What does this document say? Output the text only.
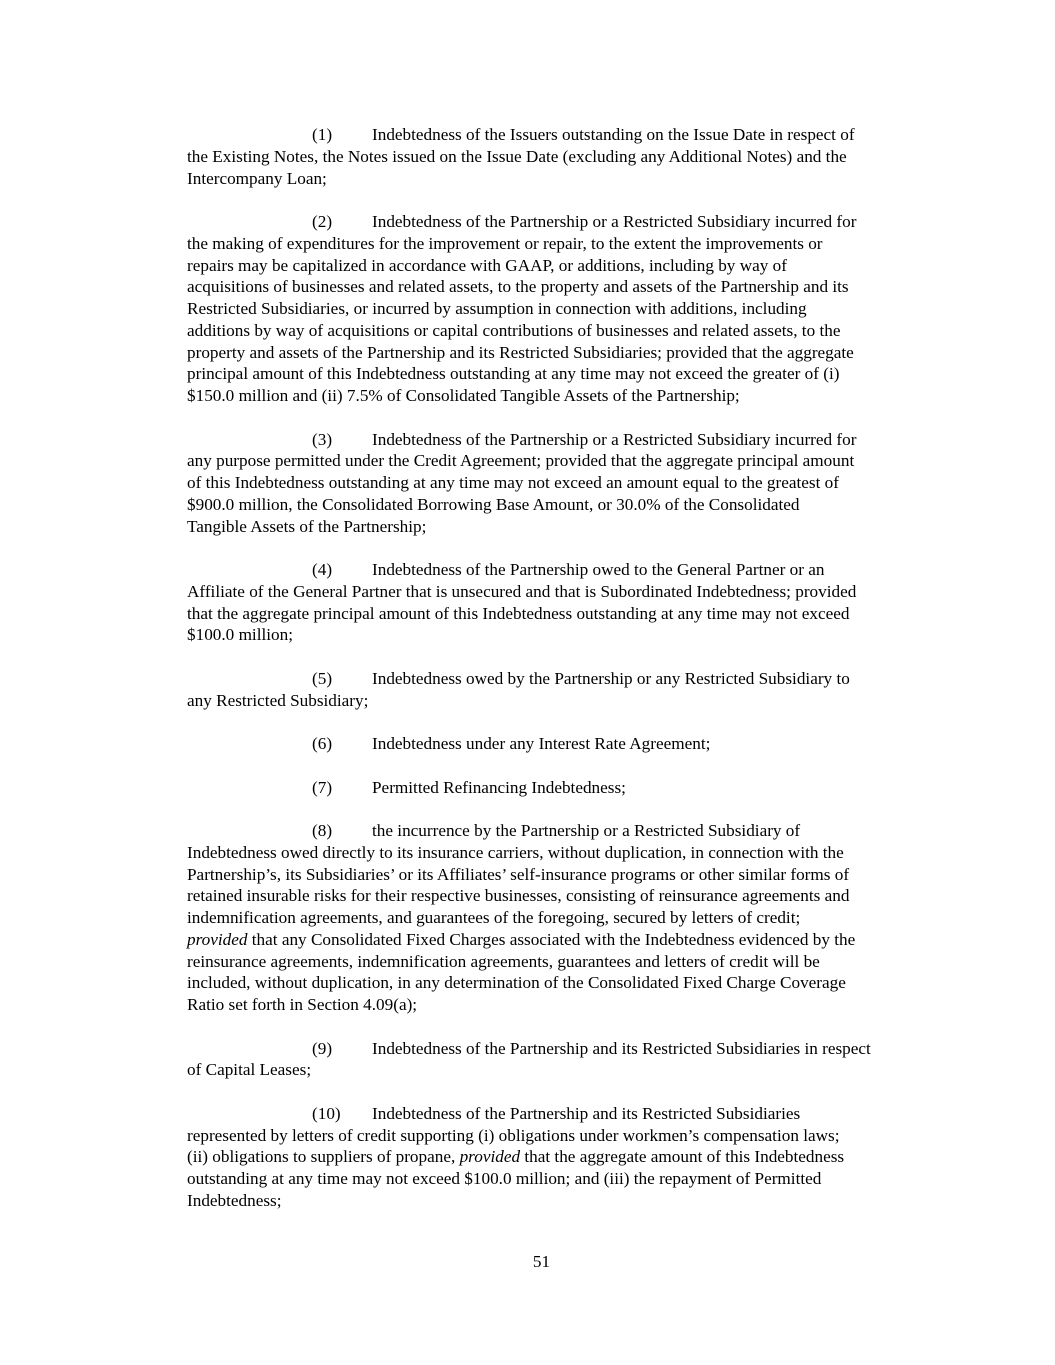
(1) Indebtedness of the Issuers outstanding on the Issue Date in respect of
the Existing Notes, the Notes issued on the Issue Date (excluding any Additional Notes) and the
Intercompany Loan;
(2) Indebtedness of the Partnership or a Restricted Subsidiary incurred for
the making of expenditures for the improvement or repair, to the extent the improvements or
repairs may be capitalized in accordance with GAAP, or additions, including by way of
acquisitions of businesses and related assets, to the property and assets of the Partnership and its
Restricted Subsidiaries, or incurred by assumption in connection with additions, including
additions by way of acquisitions or capital contributions of businesses and related assets, to the
property and assets of the Partnership and its Restricted Subsidiaries; provided that the aggregate
principal amount of this Indebtedness outstanding at any time may not exceed the greater of (i)
$150.0 million and (ii) 7.5% of Consolidated Tangible Assets of the Partnership;
(3) Indebtedness of the Partnership or a Restricted Subsidiary incurred for
any purpose permitted under the Credit Agreement; provided that the aggregate principal amount
of this Indebtedness outstanding at any time may not exceed an amount equal to the greatest of
$900.0 million, the Consolidated Borrowing Base Amount, or 30.0% of the Consolidated
Tangible Assets of the Partnership;
(4) Indebtedness of the Partnership owed to the General Partner or an
Affiliate of the General Partner that is unsecured and that is Subordinated Indebtedness; provided
that the aggregate principal amount of this Indebtedness outstanding at any time may not exceed
$100.0 million;
(5) Indebtedness owed by the Partnership or any Restricted Subsidiary to
any Restricted Subsidiary;
(6) Indebtedness under any Interest Rate Agreement;
(7) Permitted Refinancing Indebtedness;
(8) the incurrence by the Partnership or a Restricted Subsidiary of
Indebtedness owed directly to its insurance carriers, without duplication, in connection with the
Partnership’s, its Subsidiaries’ or its Affiliates’ self-insurance programs or other similar forms of
retained insurable risks for their respective businesses, consisting of reinsurance agreements and
indemnification agreements, and guarantees of the foregoing, secured by letters of credit;
provided that any Consolidated Fixed Charges associated with the Indebtedness evidenced by the
reinsurance agreements, indemnification agreements, guarantees and letters of credit will be
included, without duplication, in any determination of the Consolidated Fixed Charge Coverage
Ratio set forth in Section 4.09(a);
(9) Indebtedness of the Partnership and its Restricted Subsidiaries in respect
of Capital Leases;
(10) Indebtedness of the Partnership and its Restricted Subsidiaries
represented by letters of credit supporting (i) obligations under workmen’s compensation laws;
(ii) obligations to suppliers of propane, provided that the aggregate amount of this Indebtedness
outstanding at any time may not exceed $100.0 million; and (iii) the repayment of Permitted
Indebtedness;
51
